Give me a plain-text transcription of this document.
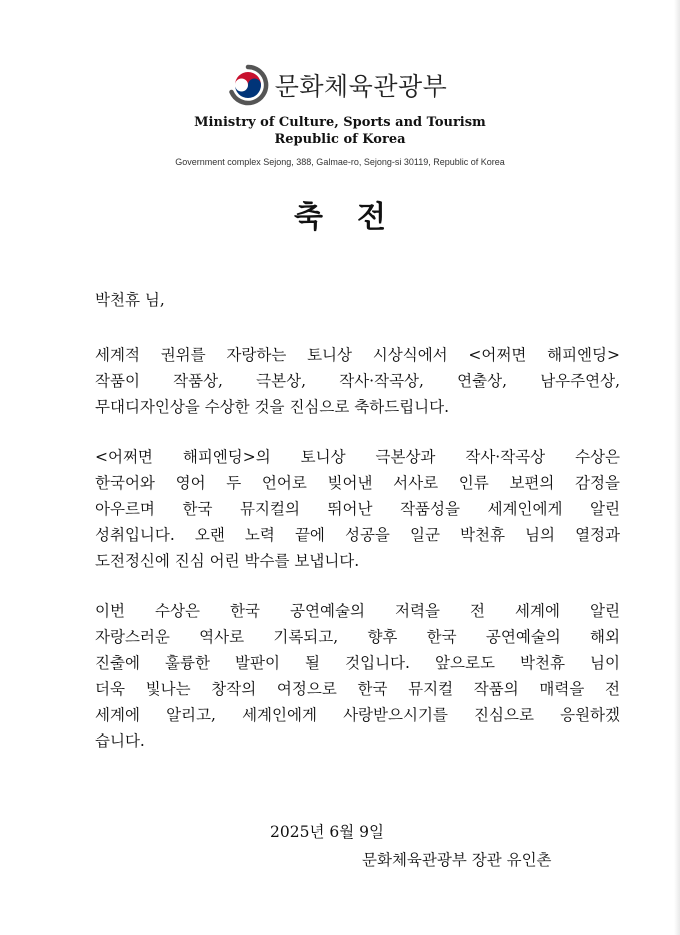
문화체육관광부
Ministry of Culture, Sports and Tourism
Republic of Korea
Government complex Sejong, 388, Galmae-ro, Sejong-si 30119, Republic of Korea
축전
박천휴 님,
세계적 권위를 자랑하는 토니상 시상식에서 <어쩌면 해피엔딩>
작품이 작품상, 극본상, 작사·작곡상, 연출상, 남우주연상,
무대디자인상을 수상한 것을 진심으로 축하드립니다.
<어쩌면 해피엔딩>의 토니상 극본상과 작사·작곡상 수상은
한국어와 영어 두 언어로 빚어낸 서사로 인류 보편의 감정을
아우르며 한국 뮤지컬의 뛰어난 작품성을 세계인에게 알린
성취입니다. 오랜 노력 끝에 성공을 일군 박천휴 님의 열정과
도전정신에 진심 어린 박수를 보냅니다.
이번 수상은 한국 공연예술의 저력을 전 세계에 알린
자랑스러운 역사로 기록되고, 향후 한국 공연예술의 해외
진출에 훌륭한 발판이 될 것입니다. 앞으로도 박천휴 님이
더욱 빛나는 창작의 여정으로 한국 뮤지컬 작품의 매력을 전
세계에 알리고, 세계인에게 사랑받으시기를 진심으로 응원하겠
습니다.
2025년 6월 9일
문화체육관광부 장관 유인촌
